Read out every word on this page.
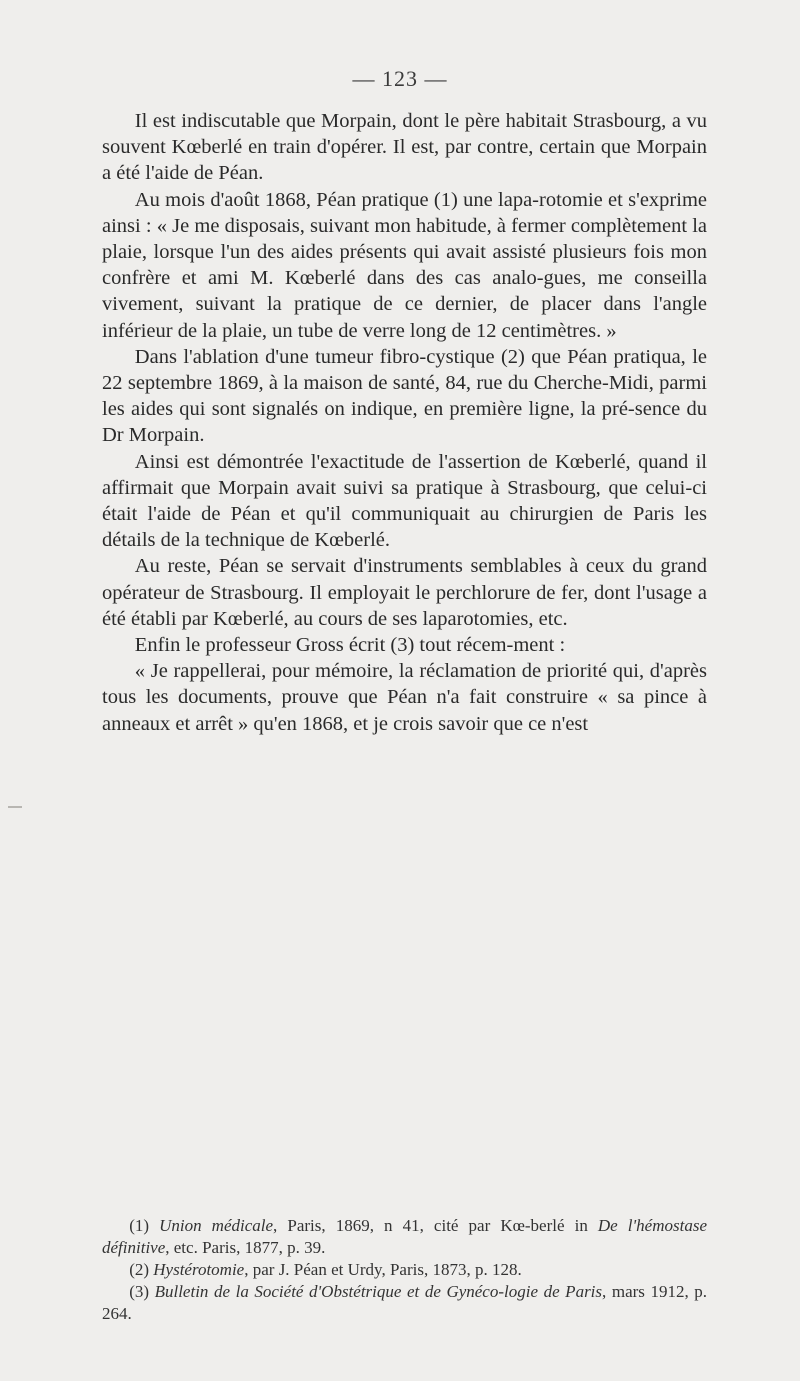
— 123 —

Il est indiscutable que Morpain, dont le père habitait Strasbourg, a vu souvent Kœberlé en train d'opérer. Il est, par contre, certain que Morpain a été l'aide de Péan.

Au mois d'août 1868, Péan pratique (1) une lapa-rotomie et s'exprime ainsi : « Je me disposais, suivant mon habitude, à fermer complètement la plaie, lorsque l'un des aides présents qui avait assisté plusieurs fois mon confrère et ami M. Kœberlé dans des cas analo-gues, me conseilla vivement, suivant la pratique de ce dernier, de placer dans l'angle inférieur de la plaie, un tube de verre long de 12 centimètres. »

Dans l'ablation d'une tumeur fibro-cystique (2) que Péan pratiqua, le 22 septembre 1869, à la maison de santé, 84, rue du Cherche-Midi, parmi les aides qui sont signalés on indique, en première ligne, la pré-sence du Dr Morpain.

Ainsi est démontrée l'exactitude de l'assertion de Kœberlé, quand il affirmait que Morpain avait suivi sa pratique à Strasbourg, que celui-ci était l'aide de Péan et qu'il communiquait au chirurgien de Paris les détails de la technique de Kœberlé.

Au reste, Péan se servait d'instruments semblables à ceux du grand opérateur de Strasbourg. Il employait le perchlorure de fer, dont l'usage a été établi par Kœberlé, au cours de ses laparotomies, etc.

Enfin le professeur Gross écrit (3) tout récem-ment :

« Je rappellerai, pour mémoire, la réclamation de priorité qui, d'après tous les documents, prouve que Péan n'a fait construire « sa pince à anneaux et arrêt » qu'en 1868, et je crois savoir que ce n'est

(1) Union médicale, Paris, 1869, n 41, cité par Kœ-berlé in De l'hémostase définitive, etc. Paris, 1877, p. 39.

(2) Hystérotomie, par J. Péan et Urdy, Paris, 1873, p. 128.

(3) Bulletin de la Société d'Obstétrique et de Gynéco-logie de Paris, mars 1912, p. 264.
